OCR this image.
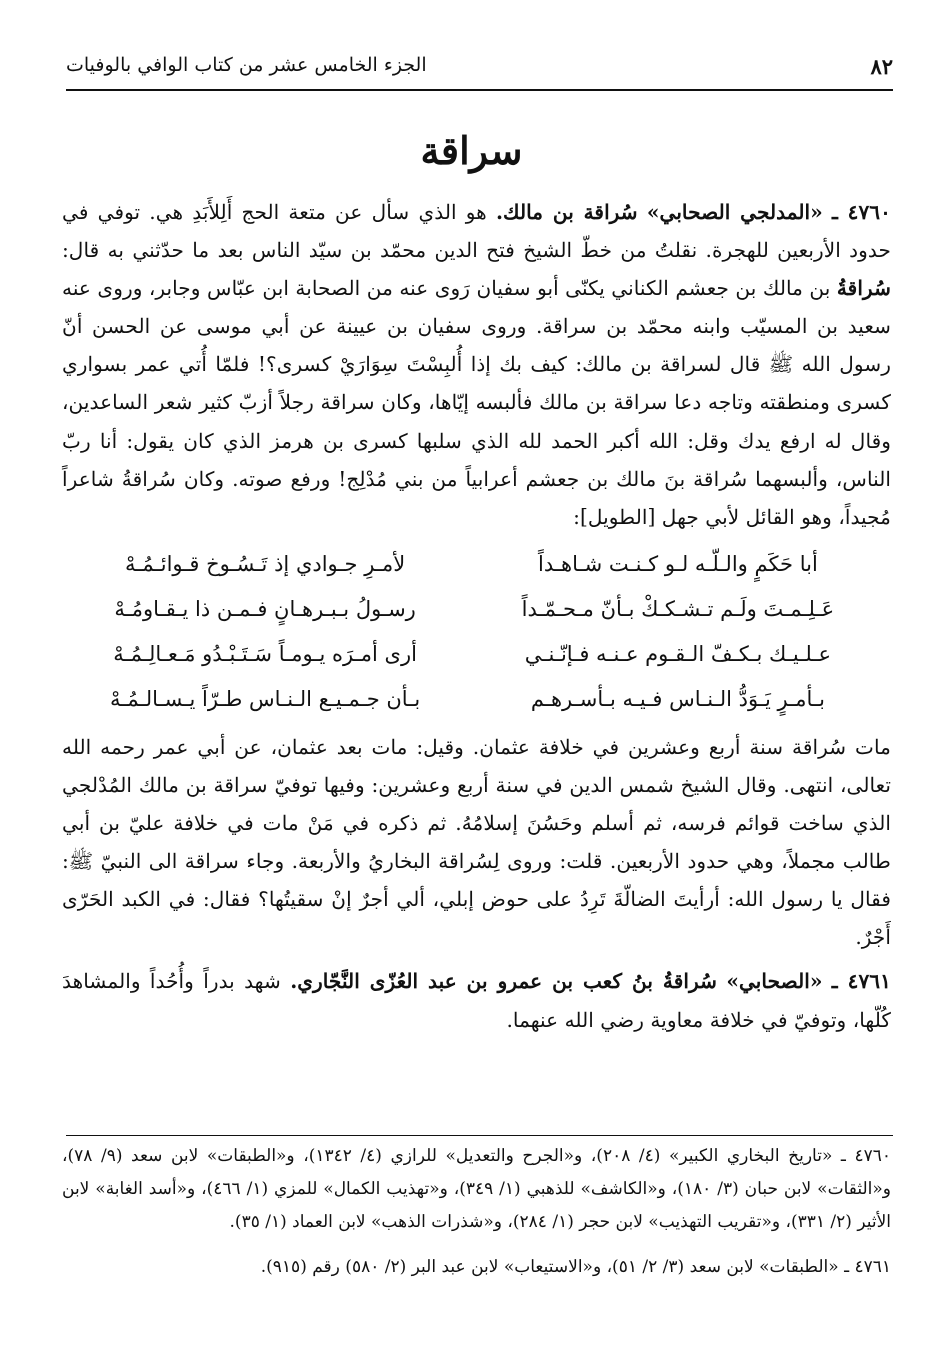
٨٢
الجزء الخامس عشر من كتاب الوافي بالوفيات
سراقة

٤٧٦٠ ـ «المدلجي الصحابي» سُراقة بن مالك. هو الذي سأل عن متعة الحج أَلِلأَبَدِ هي. توفي في حدود الأربعين للهجرة. نقلتُ من خطّ الشيخ فتح الدين محمّد بن سيّد الناس بعد ما حدّثني به قال: سُراقةُ بن مالك بن جعشم الكناني يكنّى أبو سفيان رَوى عنه من الصحابة ابن عبّاس وجابر، وروى عنه سعيد بن المسيّب وابنه محمّد بن سراقة. وروى سفيان بن عيينة عن أبي موسى عن الحسن أنّ رسول الله ﷺ قال لسراقة بن مالك: كيف بك إذا أُلبِسْتَ سِوَارَيْ كسرى؟! فلمّا أُتي عمر بسواري كسرى ومنطقته وتاجه دعا سراقة بن مالك فألبسه إيّاها، وكان سراقة رجلاً أزبّ كثير شعر الساعدين، وقال له ارفع يدك وقل: الله أكبر الحمد لله الذي سلبها كسرى بن هرمز الذي كان يقول: أنا ربّ الناس، وألبسهما سُراقة بنَ مالك بن جعشم أعرابياً من بني مُدْلِج! ورفع صوته. وكان سُراقةُ شاعراً مُجيداً، وهو القائل لأبي جهل [الطويل]:

أبا حَكَمٍ والـلّـه لـو كـنـت شـاهـداً
لأمـرِ جـوادي إذ تَـسُـوخ قـوائـمُـهْ
عَـلِـمـتَ ولَـم تـشـكـكْ بـأنّ مـحـمّـداً
رسـولُ بـبـرهـانٍ فـمـن ذا يـقـاومُـهْ
عـلـيـك بـكـفّ الـقـوم عـنـه فـإنّـنـي
أرى أمـرَه يـومـاً سَـتَـبْـدُو مَـعـالِـمُـهْ
بـأمـرٍ يَـوَدُّ الـنـاس فـيـه بـأسـرهـم
بـأن جـمـيـع الـنـاس طـرّاً يـسـالـمُـهْ

مات سُراقة سنة أربع وعشرين في خلافة عثمان. وقيل: مات بعد عثمان، عن أبي عمر رحمه الله تعالى، انتهى. وقال الشيخ شمس الدين في سنة أربع وعشرين: وفيها توفيّ سراقة بن مالك المُدْلجي الذي ساخت قوائم فرسه، ثم أسلم وحَسُنَ إسلامُهُ. ثم ذكره في مَنْ مات في خلافة عليّ بن أبي طالب مجملاً، وهي حدود الأربعين. قلت: وروى لِسُراقة البخاريُ والأربعة. وجاء سراقة الى النبيّ ﷺ: فقال يا رسول الله: أرأيتَ الضالّةَ تَرِدُ على حوض إبلي، ألي أجرٌ إنْ سقيتُها؟ فقال: في الكبد الحَرّى أَجْرٌ.

٤٧٦١ ـ «الصحابي» سُراقةُ بنُ كعب بن عمرو بن عبد العُزّى النَّجّاري. شهد بدراً وأُحُداً والمشاهدَ كُلّها، وتوفيّ في خلافة معاوية رضي الله عنهما.

٤٧٦٠ ـ «تاريخ البخاري الكبير» (٤/ ٢٠٨)، و«الجرح والتعديل» للرازي (٤/ ١٣٤٢)، و«الطبقات» لابن سعد (٩/ ٧٨)، و«الثقات» لابن حبان (٣/ ١٨٠)، و«الكاشف» للذهبي (١/ ٣٤٩)، و«تهذيب الكمال» للمزي (١/ ٤٦٦)، و«أسد الغابة» لابن الأثير (٢/ ٣٣١)، و«تقريب التهذيب» لابن حجر (١/ ٢٨٤)، و«شذرات الذهب» لابن العماد (١/ ٣٥).

٤٧٦١ ـ «الطبقات» لابن سعد (٣/ ٢/ ٥١)، و«الاستيعاب» لابن عبد البر (٢/ ٥٨٠) رقم (٩١٥).
